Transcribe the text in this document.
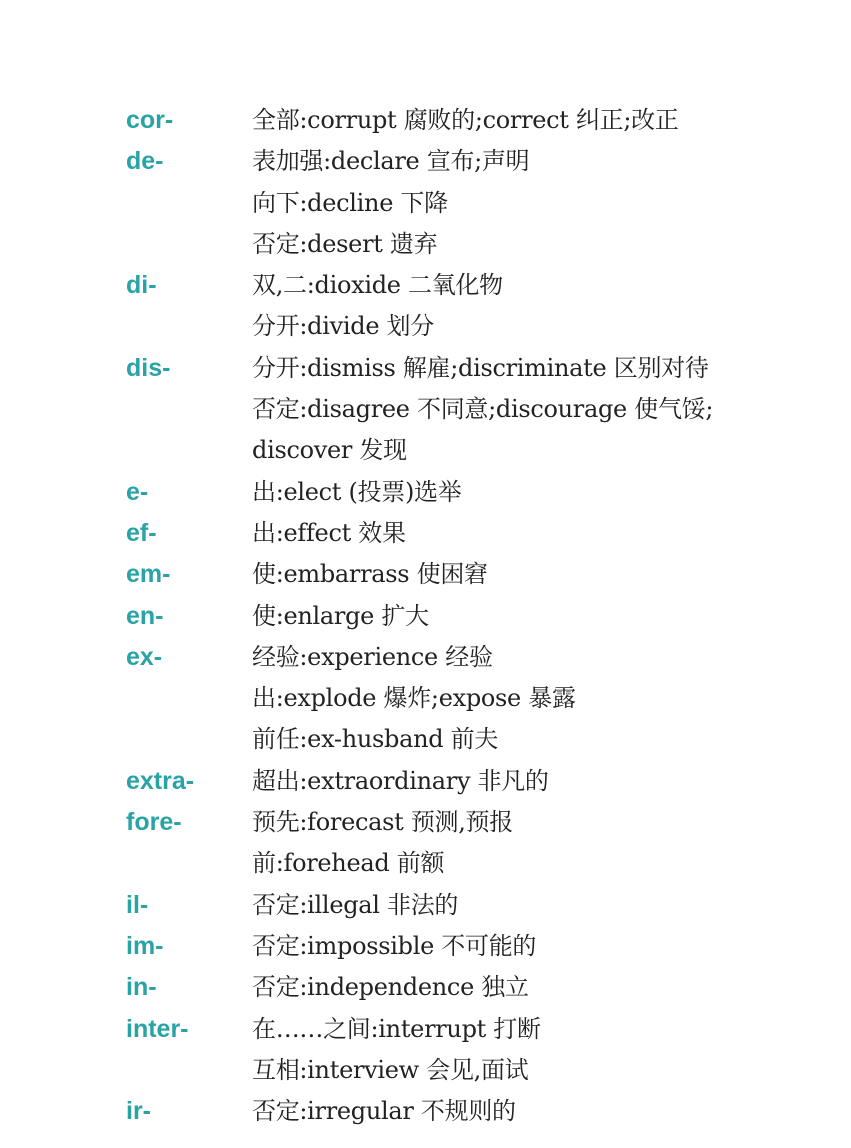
cor-	全部:corrupt 腐败的;correct 纠正;改正
de-	表加强:declare 宣布;声明
向下:decline 下降
否定:desert 遗弃
di-	双,二:dioxide 二氧化物
分开:divide 划分
dis-	分开:dismiss 解雇;discriminate 区别对待
否定:disagree 不同意;discourage 使气馁;
discover 发现
e-	出:elect (投票)选举
ef-	出:effect 效果
em-	使:embarrass 使困窘
en-	使:enlarge 扩大
ex-	经验:experience 经验
出:explode 爆炸;expose 暴露
前任:ex-husband 前夫
extra- 超出:extraordinary 非凡的
fore-	预先:forecast 预测,预报
前:forehead 前额
il-	否定:illegal 非法的
im-	否定:impossible 不可能的
in-	否定:independence 独立
inter-	在……之间:interrupt 打断
互相:interview 会见,面试
ir-	否定:irregular 不规则的
